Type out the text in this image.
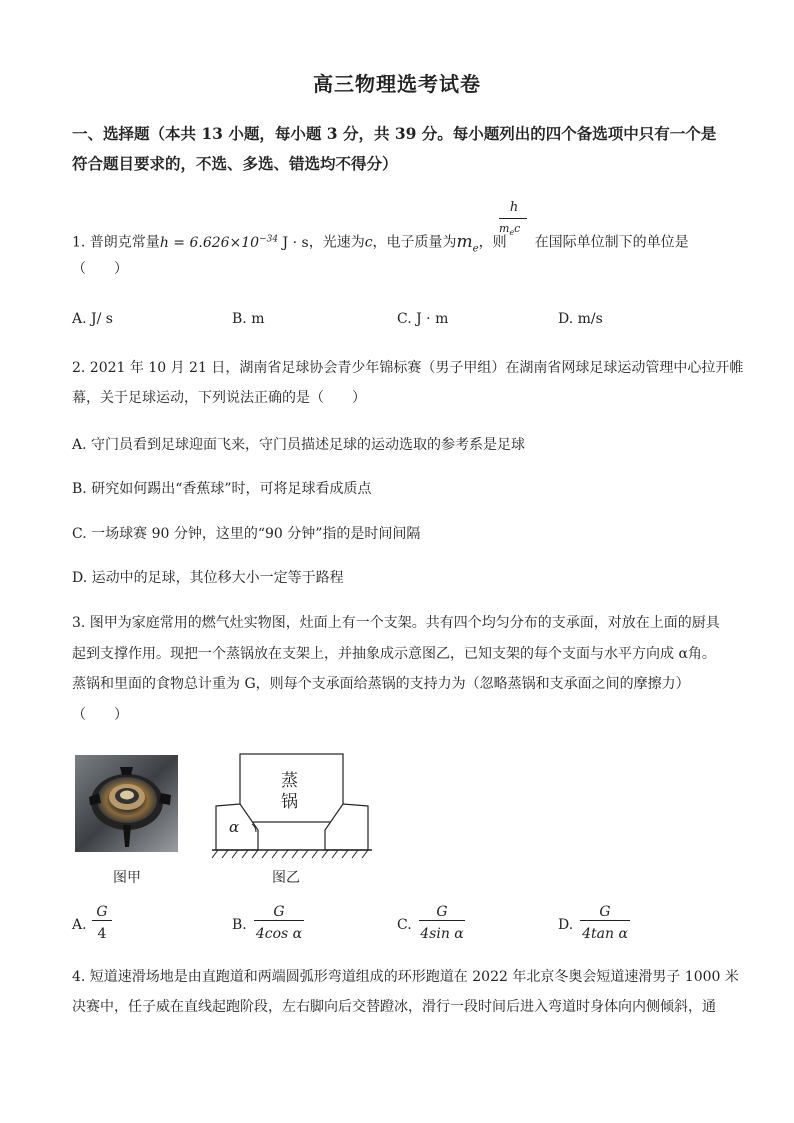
高三物理选考试卷
一、选择题（本共 13 小题，每小题 3 分，共 39 分。每小题列出的四个备选项中只有一个是
符合题目要求的，不选、多选、错选均不得分）
1. 普朗克常量$h = 6.626\times 10^{-34}$ J · s，光速为c，电子质量为$m_e$，则 在国际单位制下的单位是
h
$m_ec$
（　　）
A. J/ s	B. m	C. J · m	D. m/s
2. 2021 年 10 月 21 日，湖南省足球协会青少年锦标赛（男子甲组）在湖南省网球足球运动管理中心拉开帷
幕，关于足球运动，下列说法正确的是（　　）
A. 守门员看到足球迎面飞来，守门员描述足球的运动选取的参考系是足球
B. 研究如何踢出“香蕉球”时，可将足球看成质点
C. 一场球赛 90 分钟，这里的“90 分钟”指的是时间间隔
D. 运动中的足球，其位移大小一定等于路程
3. 图甲为家庭常用的燃气灶实物图，灶面上有一个支架。共有四个均匀分布的支承面，对放在上面的厨具
起到支撑作用。现把一个蒸锅放在支架上，并抽象成示意图乙，已知支架的每个支面与水平方向成 α角。
蒸锅和里面的食物总计重为 G，则每个支承面给蒸锅的支持力为（忽略蒸锅和支承面之间的摩擦力）
（　　）
图甲
蒸
锅
α
图乙
A.
G
4
B.
G
4cos α
C.
G
4sin α
D.
G
4tan α
4. 短道速滑场地是由直跑道和两端圆弧形弯道组成的环形跑道在 2022 年北京冬奥会短道速滑男子 1000 米
决赛中，任子威在直线起跑阶段，左右脚向后交替蹬冰，滑行一段时间后进入弯道时身体向内侧倾斜，通
